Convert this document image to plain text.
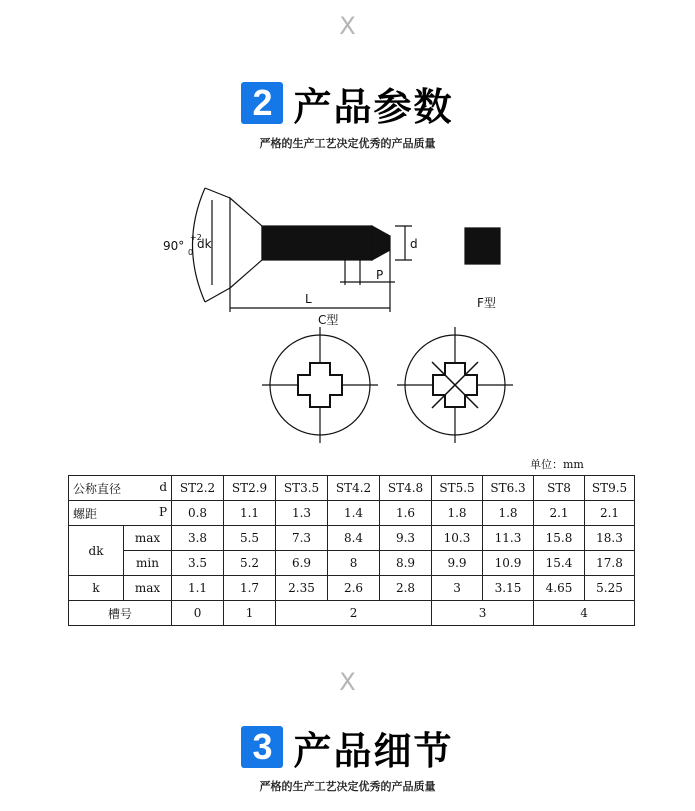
X
2 产品参数
严格的生产工艺决定优秀的产品质量
90°
+2
0
dk	d
P
L
C型
F型
单位：mm
公称直径 d		ST2.2	ST2.9	ST3.5	ST4.2	ST4.8	ST5.5	ST6.3	ST8	ST9.5

螺距 P		0.8	1.1	1.3	1.4	1.6	1.8	1.8	2.1	2.1
dk	max	3.8	5.5	7.3	8.4	9.3	10.3	11.3	15.8	18.3
	min	3.5	5.2	6.9	8	8.9	9.9	10.9	15.4	17.8
k	max	1.1	1.7	2.35	2.6	2.8	3	3.15	4.65	5.25
槽号		0	1	2			3		4	
X
3 产品细节
严格的生产工艺决定优秀的产品质量
